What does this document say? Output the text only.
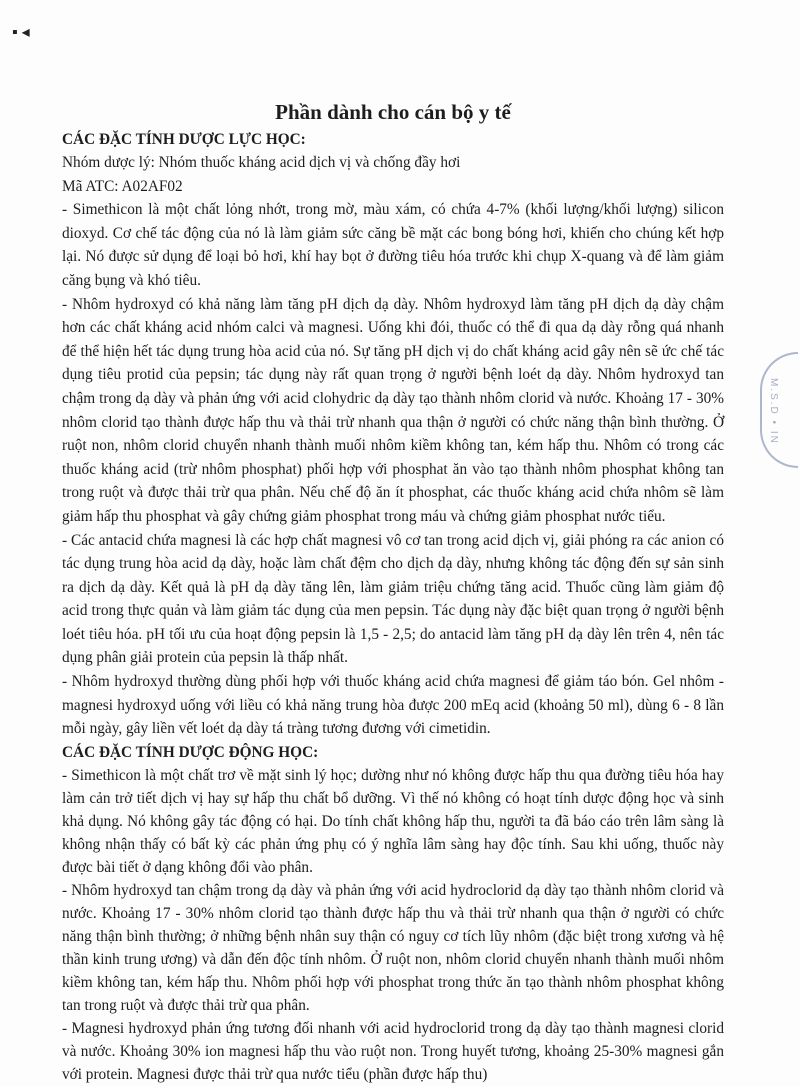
▪ ◂
M.S.D • IN
Phần dành cho cán bộ y tế
CÁC ĐẶC TÍNH DƯỢC LỰC HỌC:

Nhóm dược lý: Nhóm thuốc kháng acid dịch vị và chống đầy hơi

Mã ATC: A02AF02

- Simethicon là một chất lỏng nhớt, trong mờ, màu xám, có chứa 4-7% (khối lượng/khối lượng) silicon dioxyd. Cơ chế tác động của nó là làm giảm sức căng bề mặt các bong bóng hơi, khiến cho chúng kết hợp lại. Nó được sử dụng để loại bỏ hơi, khí hay bọt ở đường tiêu hóa trước khi chụp X-quang và để làm giảm căng bụng và khó tiêu.

- Nhôm hydroxyd có khả năng làm tăng pH dịch dạ dày. Nhôm hydroxyd làm tăng pH dịch dạ dày chậm hơn các chất kháng acid nhóm calci và magnesi. Uống khi đói, thuốc có thể đi qua dạ dày rỗng quá nhanh để thể hiện hết tác dụng trung hòa acid của nó. Sự tăng pH dịch vị do chất kháng acid gây nên sẽ ức chế tác dụng tiêu protid của pepsin; tác dụng này rất quan trọng ở người bệnh loét dạ dày. Nhôm hydroxyd tan chậm trong dạ dày và phản ứng với acid clohydric dạ dày tạo thành nhôm clorid và nước. Khoảng 17 - 30% nhôm clorid tạo thành được hấp thu và thải trừ nhanh qua thận ở người có chức năng thận bình thường. Ở ruột non, nhôm clorid chuyển nhanh thành muối nhôm kiềm không tan, kém hấp thu. Nhôm có trong các thuốc kháng acid (trừ nhôm phosphat) phối hợp với phosphat ăn vào tạo thành nhôm phosphat không tan trong ruột và được thải trừ qua phân. Nếu chế độ ăn ít phosphat, các thuốc kháng acid chứa nhôm sẽ làm giảm hấp thu phosphat và gây chứng giảm phosphat trong máu và chứng giảm phosphat nước tiểu.

- Các antacid chứa magnesi là các hợp chất magnesi vô cơ tan trong acid dịch vị, giải phóng ra các anion có tác dụng trung hòa acid dạ dày, hoặc làm chất đệm cho dịch dạ dày, nhưng không tác động đến sự sản sinh ra dịch dạ dày. Kết quả là pH dạ dày tăng lên, làm giảm triệu chứng tăng acid. Thuốc cũng làm giảm độ acid trong thực quản và làm giảm tác dụng của men pepsin. Tác dụng này đặc biệt quan trọng ở người bệnh loét tiêu hóa. pH tối ưu của hoạt động pepsin là 1,5 - 2,5; do antacid làm tăng pH dạ dày lên trên 4, nên tác dụng phân giải protein của pepsin là thấp nhất.

- Nhôm hydroxyd thường dùng phối hợp với thuốc kháng acid chứa magnesi để giảm táo bón. Gel nhôm - magnesi hydroxyd uống với liều có khả năng trung hòa được 200 mEq acid (khoảng 50 ml), dùng 6 - 8 lần mỗi ngày, gây liền vết loét dạ dày tá tràng tương đương với cimetidin.

CÁC ĐẶC TÍNH DƯỢC ĐỘNG HỌC:

- Simethicon là một chất trơ về mặt sinh lý học; dường như nó không được hấp thu qua đường tiêu hóa hay làm cản trở tiết dịch vị hay sự hấp thu chất bổ dưỡng. Vì thế nó không có hoạt tính dược động học và sinh khả dụng. Nó không gây tác động có hại. Do tính chất không hấp thu, người ta đã báo cáo trên lâm sàng là không nhận thấy có bất kỳ các phản ứng phụ có ý nghĩa lâm sàng hay độc tính. Sau khi uống, thuốc này được bài tiết ở dạng không đổi vào phân.

- Nhôm hydroxyd tan chậm trong dạ dày và phản ứng với acid hydroclorid dạ dày tạo thành nhôm clorid và nước. Khoảng 17 - 30% nhôm clorid tạo thành được hấp thu và thải trừ nhanh qua thận ở người có chức năng thận bình thường; ở những bệnh nhân suy thận có nguy cơ tích lũy nhôm (đặc biệt trong xương và hệ thần kinh trung ương) và dẫn đến độc tính nhôm. Ở ruột non, nhôm clorid chuyển nhanh thành muối nhôm kiềm không tan, kém hấp thu. Nhôm phối hợp với phosphat trong thức ăn tạo thành nhôm phosphat không tan trong ruột và được thải trừ qua phân.

- Magnesi hydroxyd phản ứng tương đối nhanh với acid hydroclorid trong dạ dày tạo thành magnesi clorid và nước. Khoảng 30% ion magnesi hấp thu vào ruột non. Trong huyết tương, khoảng 25-30% magnesi gắn với protein. Magnesi được thải trừ qua nước tiểu (phần được hấp thu)
